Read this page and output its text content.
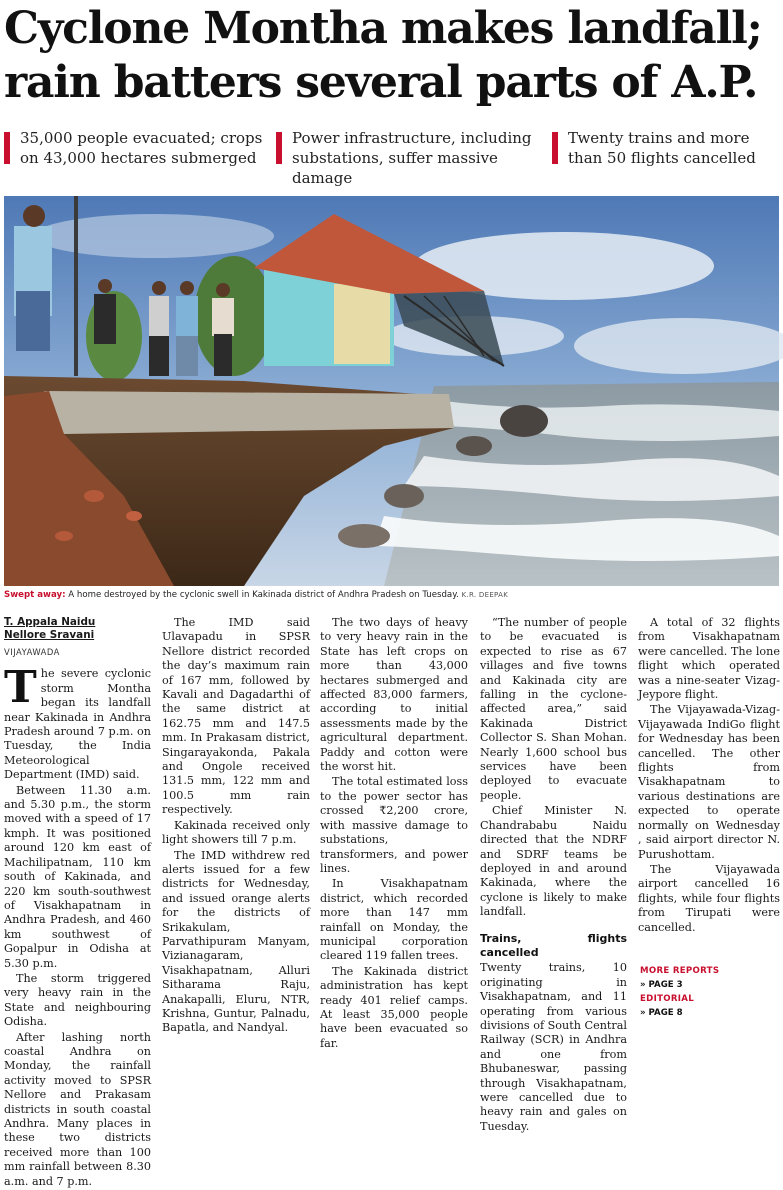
Cyclone Montha makes landfall;
rain batters several parts of A.P.
35,000 people evacuated; crops
on 43,000 hectares submerged
Power infrastructure, including
substations, suffer massive damage
Twenty trains and more
than 50 flights cancelled
Swept away: A home destroyed by the cyclonic swell in Kakinada district of Andhra Pradesh on Tuesday. K.R. DEEPAK
T. Appala Naidu
Nellore Sravani
VIJAYAWADA

The severe cyclonic storm Montha began its landfall near Kakinada in Andhra Pradesh around 7 p.m. on Tuesday, the India Meteorological Department (IMD) said.

Between 11.30 a.m. and 5.30 p.m., the storm moved with a speed of 17 kmph. It was positioned around 120 km east of Machilipatnam, 110 km south of Kakinada, and 220 km south-southwest of Visakhapatnam in Andhra Pradesh, and 460 km southwest of Gopalpur in Odisha at 5.30 p.m.

The storm triggered very heavy rain in the State and neighbouring Odisha.

After lashing north coastal Andhra on Monday, the rainfall activity moved to SPSR Nellore and Prakasam districts in south coastal Andhra. Many places in these two districts received more than 100 mm rainfall between 8.30 a.m. and 7 p.m.

The IMD said Ulavapadu in SPSR Nellore district recorded the day’s maximum rain of 167 mm, followed by Kavali and Dagadarthi of the same district at 162.75 mm and 147.5 mm. In Prakasam district, Singarayakonda, Pakala and Ongole received 131.5 mm, 122 mm and 100.5 mm rain respectively.

Kakinada received only light showers till 7 p.m.

The IMD withdrew red alerts issued for a few districts for Wednesday, and issued orange alerts for the districts of Srikakulam, Parvathipuram Manyam, Vizianagaram, Visakhapatnam, Alluri Sitharama Raju, Anakapalli, Eluru, NTR, Krishna, Guntur, Palnadu, Bapatla, and Nandyal.

The two days of heavy to very heavy rain in the State has left crops on more than 43,000 hectares submerged and affected 83,000 farmers, according to initial assessments made by the agricultural department. Paddy and cotton were the worst hit.

The total estimated loss to the power sector has crossed ₹2,200 crore, with massive damage to substations, transformers, and power lines.

In Visakhapatnam district, which recorded more than 147 mm rainfall on Monday, the municipal corporation cleared 119 fallen trees.

The Kakinada district administration has kept ready 401 relief camps. At least 35,000 people have been evacuated so far.

“The number of people to be evacuated is expected to rise as 67 villages and five towns and Kakinada city are falling in the cyclone-affected area,” said Kakinada District Collector S. Shan Mohan. Nearly 1,600 school bus services have been deployed to evacuate people.

Chief Minister N. Chandrababu Naidu directed that the NDRF and SDRF teams be deployed in and around Kakinada, where the cyclone is likely to make landfall.

Trains, flights cancelled

Twenty trains, 10 originating in Visakhapatnam, and 11 operating from various divisions of South Central Railway (SCR) in Andhra and one from Bhubaneswar, passing through Visakhapatnam, were cancelled due to heavy rain and gales on Tuesday.

A total of 32 flights from Visakhapatnam were cancelled. The lone flight which operated was a nine-seater Vizag-Jeypore flight.

The Vijayawada-Vizag-Vijayawada IndiGo flight for Wednesday has been cancelled. The other flights from Visakhapatnam to various destinations are expected to operate normally on Wednesday , said airport director N. Purushottam.

The Vijayawada airport cancelled 16 flights, while four flights from Tirupati were cancelled.

MORE REPORTS
» PAGE 3
EDITORIAL
» PAGE 8
